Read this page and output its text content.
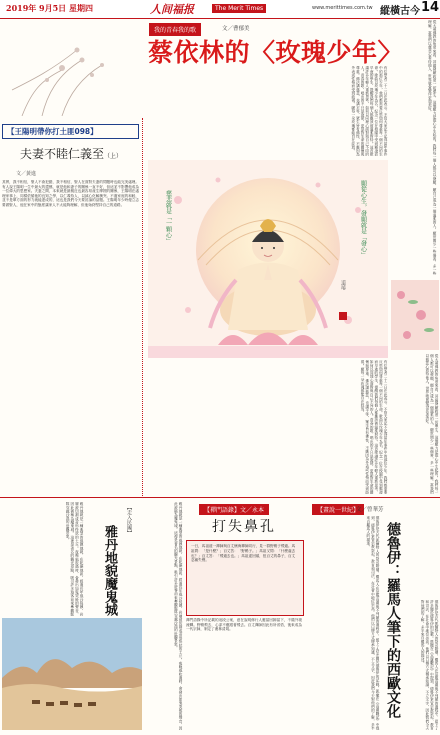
2019年 9月5日 星期四	人间福报	The Merit Times	www.merittimes.com.tw 縱橫古今 14
【王陽明帶你打土匪098】
夫妻不睦仁義至（上）
文／黃進
其實，我不相信，聖人不會犯錯，我不相信，聖人在面對夫妻的問題時也能完美處理。有人說王陽明一生中最大的遺憾，就是他和妻子的關係一直不好，但這並不影響他成為一位偉大的思想家。夫妻之間，本來就是最親近也最容易產生摩擦的關係，王陽明在處理家事上，同樣依循他的良知之學，以仁義待人，以誠心化解衝突。不過家庭的和睦，並不是單方面的努力就能達成的，這也是我們今天要討論的話題。王陽明年少時便立志要做聖人，他在家中的態度讓家人不太能夠理解，但他始終堅持自己的道路。
我的青春我的歌	文／曹郁美
蔡依林的〈玫瑰少年〉
有位學者二十二日在此表示，不管大家記不記得當年事件中的那位少年，我們都需要反思如何尊重每一個不同的生命。歌曲以玫瑰少年為名，紀念一位在校園中受到霸凌而早逝的學生，提醒我們每個人都應該被溫柔對待。這首歌讓許多年輕人重新思考，如何以同理心面對與自己不同的人。青春的歌，唱出的不只是旋律，更是對生命的關懷與尊重。佛法講慈悲，也講平等，眾生皆有佛性，不應因為外表或性格而受到歧視。願每一朵玫瑰都能自在綻放。
願從心生，發願就是「發心」
慈悲就是「一顆心」
道璿
有位學者二十二日在此表示，不管大家記不記得當年事件中的那位少年，我們都需要反思如何尊重每一個不同的生命。歌曲以玫瑰少年為名，紀念一位在校園中受到霸凌而早逝的學生，提醒我們每個人都應該被溫柔對待。這首歌讓許多年輕人重新思考，如何以同理心面對與自己不同的人。青春的歌，唱出的不只是旋律，更是對生命的關懷與尊重。佛法講慈悲，也講平等，眾生皆有佛性，不應因為外表或性格而受到歧視。願每一朵玫瑰都能自在綻放。
從大乘佛教的角度來看，菩薩發願救度一切眾生，這個願力是從心中生起的。我們每一個人都可以發願，願自己成為一個溫柔的人，願世間少一些傷害，多一些理解。當我們以慈悲心看待他人，世界就會變得更加美好。
從大乘佛教的角度來看，菩薩發願救度一切眾生，這個願力是從心中生起的。我們每一個人都可以發願，願自己成為一個溫柔的人，願世間少一些傷害，多一些理解。當我們以慈悲心看待他人，世界就會變得更加美好。
雅丹地貌是一種典型的風蝕地貌，在乾燥地區，經過長年風沙侵蝕，岩層被切割成奇形怪狀的土丘。夜晚風吹過時，會發出如鬼哭般的聲音，因此被稱為魔鬼城。這裡是著名的觀光景點，吸引許多遊客前來參觀駝隊穿越沙漠的壯觀景象。	【走入民國】
雅丹地貌魔鬼城
【禪門語錄】文／永本
打失鼻孔
一日，馬祖道一禪師與百丈懷海禪師同行，見一群野鴨子飛過。馬祖問：「是什麼？」百丈答：「野鴨子。」馬祖又問：「什麼處去也？」百丈答：「飛過去也。」馬祖遂回頭，扭百丈的鼻子，百丈忍痛失聲。
禪門語錄中所記載的這段公案，意在說明修行人應當回歸當下，不隨外境流轉。野鴨飛去，心卻不應跟著飛去。百丈禪師因此有所省悟，後來成為一代宗師，制定了叢林清規。
雅丹地貌是一種典型的風蝕地貌，在乾燥地區，經過長年風沙侵蝕，岩層被切割成奇形怪狀的土丘。夜晚風吹過時，會發出如鬼哭般的聲音，因此被稱為魔鬼城。這裡是著名的觀光景點，吸引許多遊客前來參觀駝隊穿越沙漠的壯觀景象。	【畫說一世紀】
文／曾華芳
德魯伊：羅馬人筆下的西歐文化
德魯伊是古代凱爾特人的祭司階層，羅馬人在征服高盧與不列顛的過程中，留下了許多關於德魯伊的記載。凱撒在《高盧戰記》中提到，德魯伊掌管宗教祭祀、教育和司法，在社會中地位崇高。他們以口傳方式傳承知識，不立文字，因此我們今天對他們的了解，多半來自羅馬人的描述。
德魯伊是古代凱爾特人的祭司階層，羅馬人在征服高盧與不列顛的過程中，留下了許多關於德魯伊的記載。凱撒在《高盧戰記》中提到，德魯伊掌管宗教祭祀、教育和司法，在社會中地位崇高。他們以口傳方式傳承知識，不立文字，因此我們今天對他們的了解，多半來自羅馬人的描述。
